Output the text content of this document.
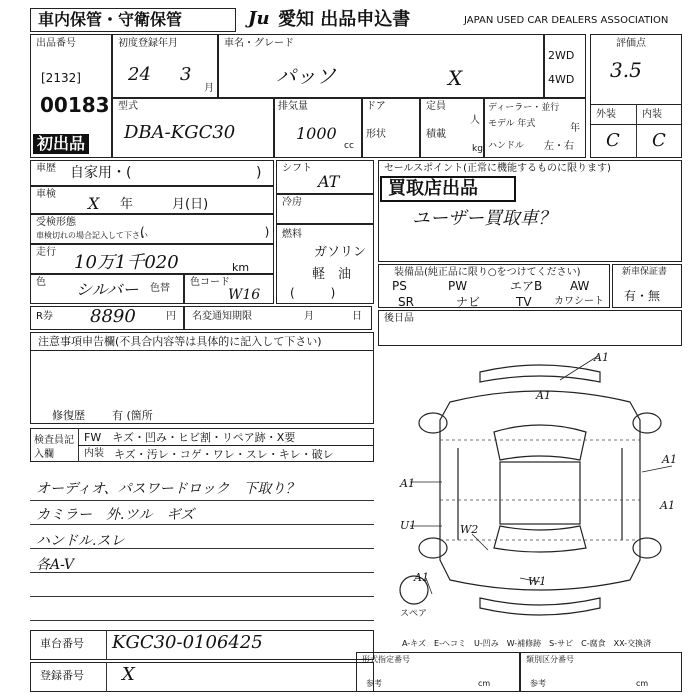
車内保管・守衛保管	Ju 愛知 出品申込書	JAPAN USED CAR DEALERS ASSOCIATION
出品番号
[2132]
00183
初出品
初度登録年月
24 3
月
車名・グレード
パッソ	X
2WD
4WD
評価点
3.5
外装	内装
C C
型式
DBA-KGC30
排気量
1000
cc
ドア
形状
定員
人
積載
kg
ディーラー・並行
モデル 年式	年
ハンドル 左・右
車歴 自家用・(	)
車検 X 年　　　月(日)
受検形態
車検切れの場合記入して下さい
(　　　　　　　　　　)
走行 10万1千020	km
色 シルバー 色替
色コード
W16
R券 8890	円 名変通知期限	月	日
シフト
AT
冷房
燃料
ガソリン
軽　油
(　　　)
セールスポイント(正常に機能するものに限ります)
買取店出品
ユーザー買取車？
装備品(純正品に限り○をつけてください)
PS	PW	エアB AW
SR	ナビ	TV カワシート
新車保証書
有・無
後日品
注意事項申告欄(不具合内容等は具体的に記入して下さい)
修復歴 有 (箇所
検査員記入欄
FW　キズ・凹み・ヒビ割・リペア跡・X要
内装 キズ・汚レ・コゲ・ワレ・スレ・キレ・破レ
オーディオ、パスワードロック　下取り？
カミラー　外.ツル　ギズ
ハンドル.スレ
各A-V
A1
A1
A1
A1
A1
W2
U1
A1	W1
スペア
A-キズ　E-ヘコミ　U-凹み　W-補修跡　S-サビ　C-腐食　XX-交換済
車台番号 KGC30-0106425
登録番号 X
形式指定番号
参考	cm
類別区分番号
参考	cm
